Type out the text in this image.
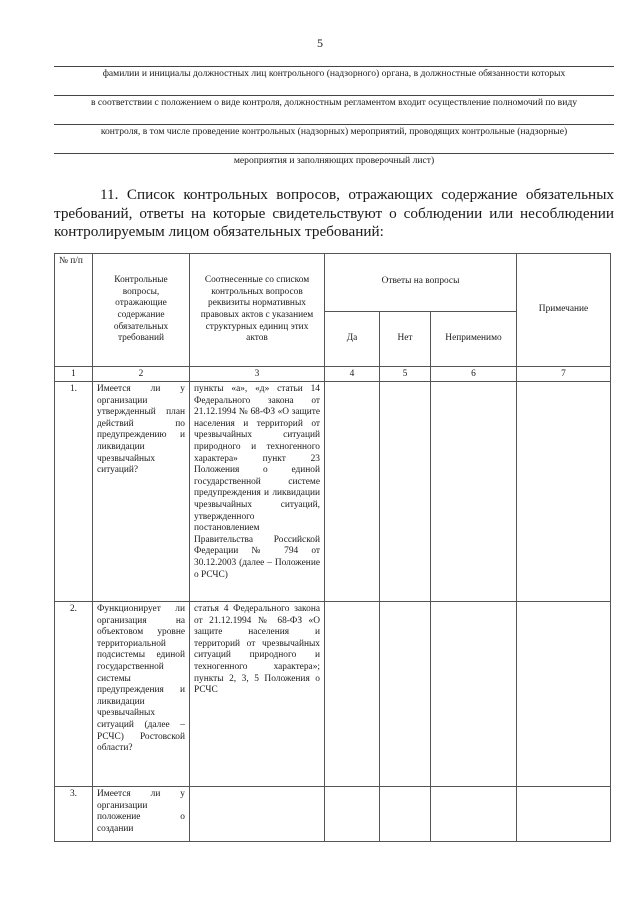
5
фамилии и инициалы должностных лиц контрольного (надзорного) органа, в должностные обязанности которых
в соответствии с положением о виде контроля, должностным регламентом входит осуществление полномочий по виду
контроля, в том числе проведение контрольных (надзорных) мероприятий, проводящих контрольные (надзорные)
мероприятия и заполняющих проверочный лист)
11. Список контрольных вопросов, отражающих содержание обязательных требований, ответы на которые свидетельствуют о соблюдении или несоблюдении контролируемым лицом обязательных требований:
№ п/п	Контрольные вопросы, отражающие содержание обязательных требований	Соотнесенные со списком контрольных вопросов реквизиты нормативных правовых актов с указанием структурных единиц этих актов	Ответы на вопросы			Примечание
			Да	Нет	Неприменимо	
1	2	3	4	5	6	7
1.	Имеется ли у организации утвержденный план действий по предупреждению и ликвидации чрезвычайных ситуаций?	пункты «а», «д» статьи 14 Федерального закона от 21.12.1994 № 68-ФЗ «О защите населения и территорий от чрезвычайных ситуаций природного и техногенного характера» пункт 23 Положения о единой государственной системе предупреждения и ликвидации чрезвычайных ситуаций, утвержденного постановлением Правительства Российской Федерации № 794 от 30.12.2003 (далее – Положение о РСЧС)				
2.	Функционирует ли организация на объектовом уровне территориальной подсистемы единой государственной системы предупреждения и ликвидации чрезвычайных ситуаций (далее – РСЧС) Ростовской области?	статья 4 Федерального закона от 21.12.1994 № 68-ФЗ «О защите населения и территорий от чрезвычайных ситуаций природного и техногенного характера»; пункты 2, 3, 5 Положения о РСЧС				
3.	Имеется ли у организации положение о создании					
